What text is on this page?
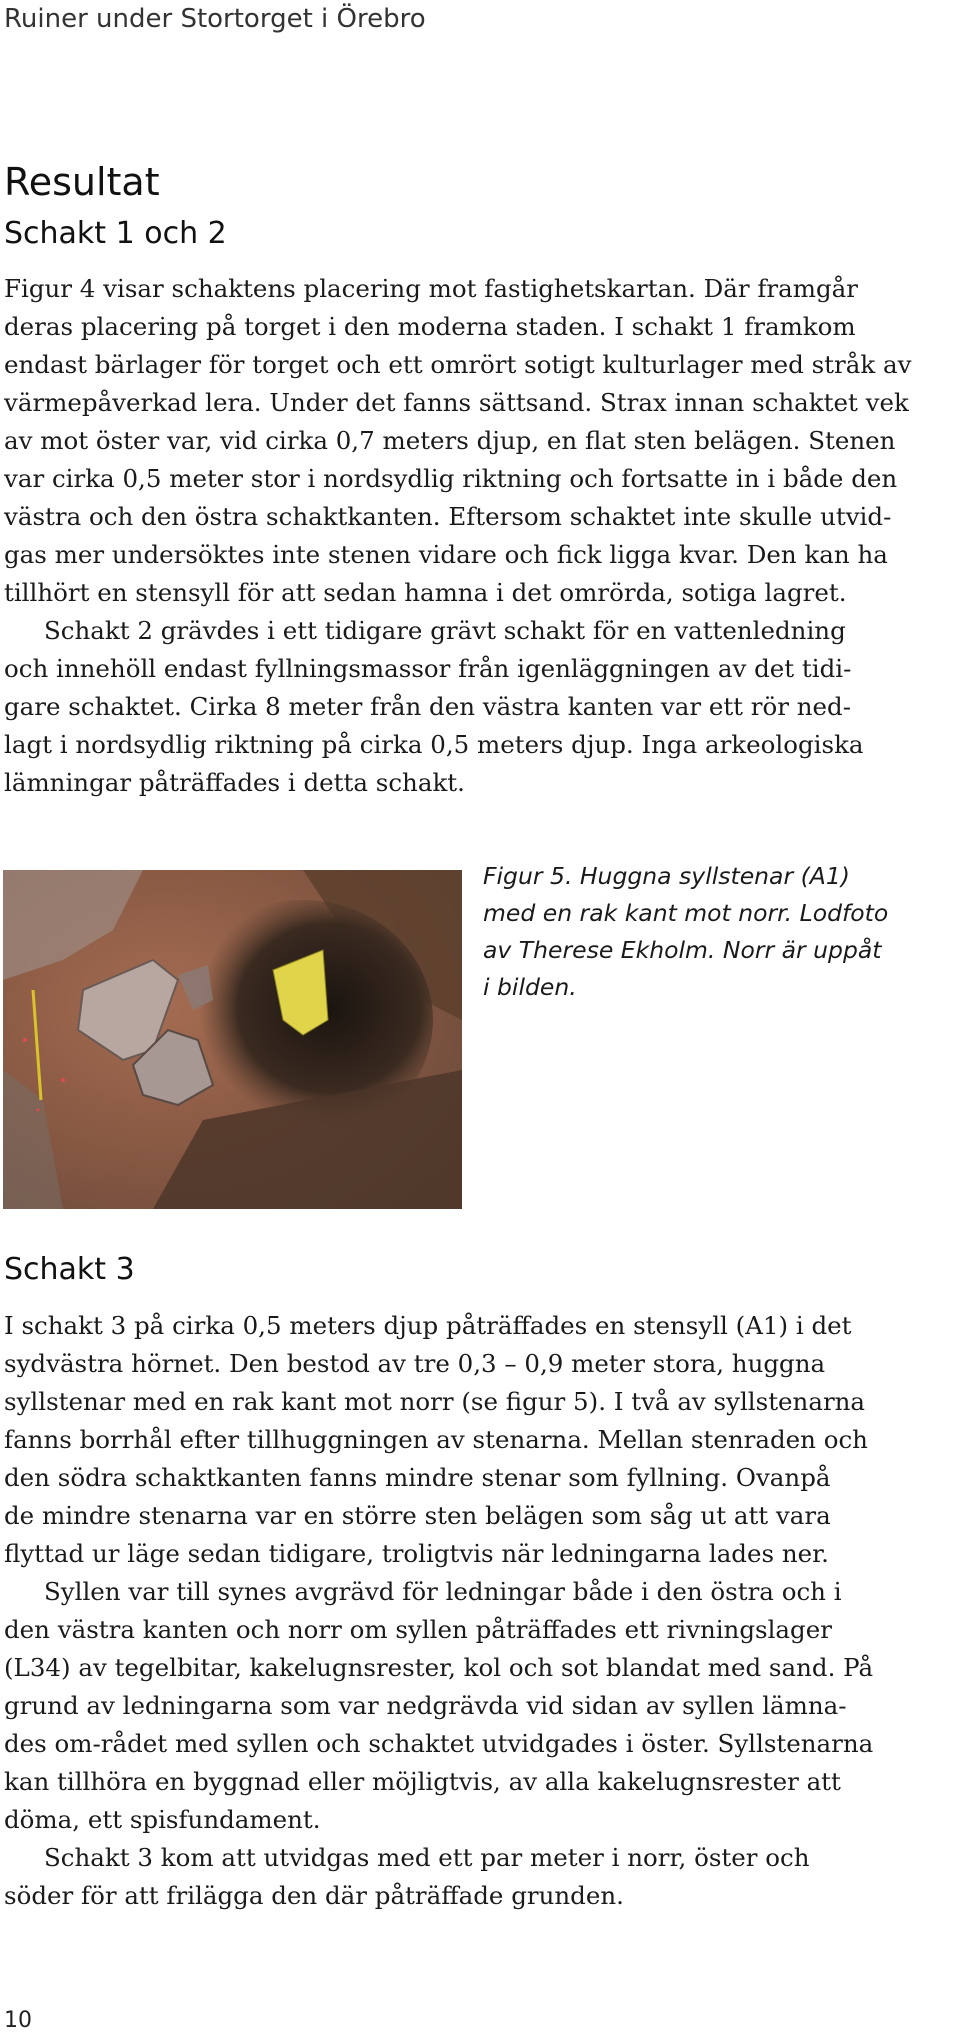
Ruiner under Stortorget i Örebro
Resultat
Schakt 1 och 2
Figur 4 visar schaktens placering mot fastighetskartan. Där framgår
deras placering på torget i den moderna staden. I schakt 1 framkom
endast bärlager för torget och ett omrört sotigt kulturlager med stråk av
värmepåverkad lera. Under det fanns sättsand. Strax innan schaktet vek
av mot öster var, vid cirka 0,7 meters djup, en flat sten belägen. Stenen
var cirka 0,5 meter stor i nordsydlig riktning och fortsatte in i både den
västra och den östra schaktkanten. Eftersom schaktet inte skulle utvid-
gas mer undersöktes inte stenen vidare och fick ligga kvar. Den kan ha
tillhört en stensyll för att sedan hamna i det omrörda, sotiga lagret.
Schakt 2 grävdes i ett tidigare grävt schakt för en vattenledning
och innehöll endast fyllningsmassor från igenläggningen av det tidi-
gare schaktet. Cirka 8 meter från den västra kanten var ett rör ned-
lagt i nordsydlig riktning på cirka 0,5 meters djup. Inga arkeologiska
lämningar påträffades i detta schakt.
Figur 5. Huggna syllstenar (A1)
med en rak kant mot norr. Lodfoto
av Therese Ekholm. Norr är uppåt
i bilden.
Schakt 3
I schakt 3 på cirka 0,5 meters djup påträffades en stensyll (A1) i det
sydvästra hörnet. Den bestod av tre 0,3 – 0,9 meter stora, huggna
syllstenar med en rak kant mot norr (se figur 5). I två av syllstenarna
fanns borrhål efter tillhuggningen av stenarna. Mellan stenraden och
den södra schaktkanten fanns mindre stenar som fyllning. Ovanpå
de mindre stenarna var en större sten belägen som såg ut att vara
flyttad ur läge sedan tidigare, troligtvis när ledningarna lades ner.
Syllen var till synes avgrävd för ledningar både i den östra och i
den västra kanten och norr om syllen påträffades ett rivningslager
(L34) av tegelbitar, kakelugnsrester, kol och sot blandat med sand. På
grund av ledningarna som var nedgrävda vid sidan av syllen lämna-
des om-rådet med syllen och schaktet utvidgades i öster. Syllstenarna
kan tillhöra en byggnad eller möjligtvis, av alla kakelugnsrester att
döma, ett spisfundament.
Schakt 3 kom att utvidgas med ett par meter i norr, öster och
söder för att frilägga den där påträffade grunden.
10
